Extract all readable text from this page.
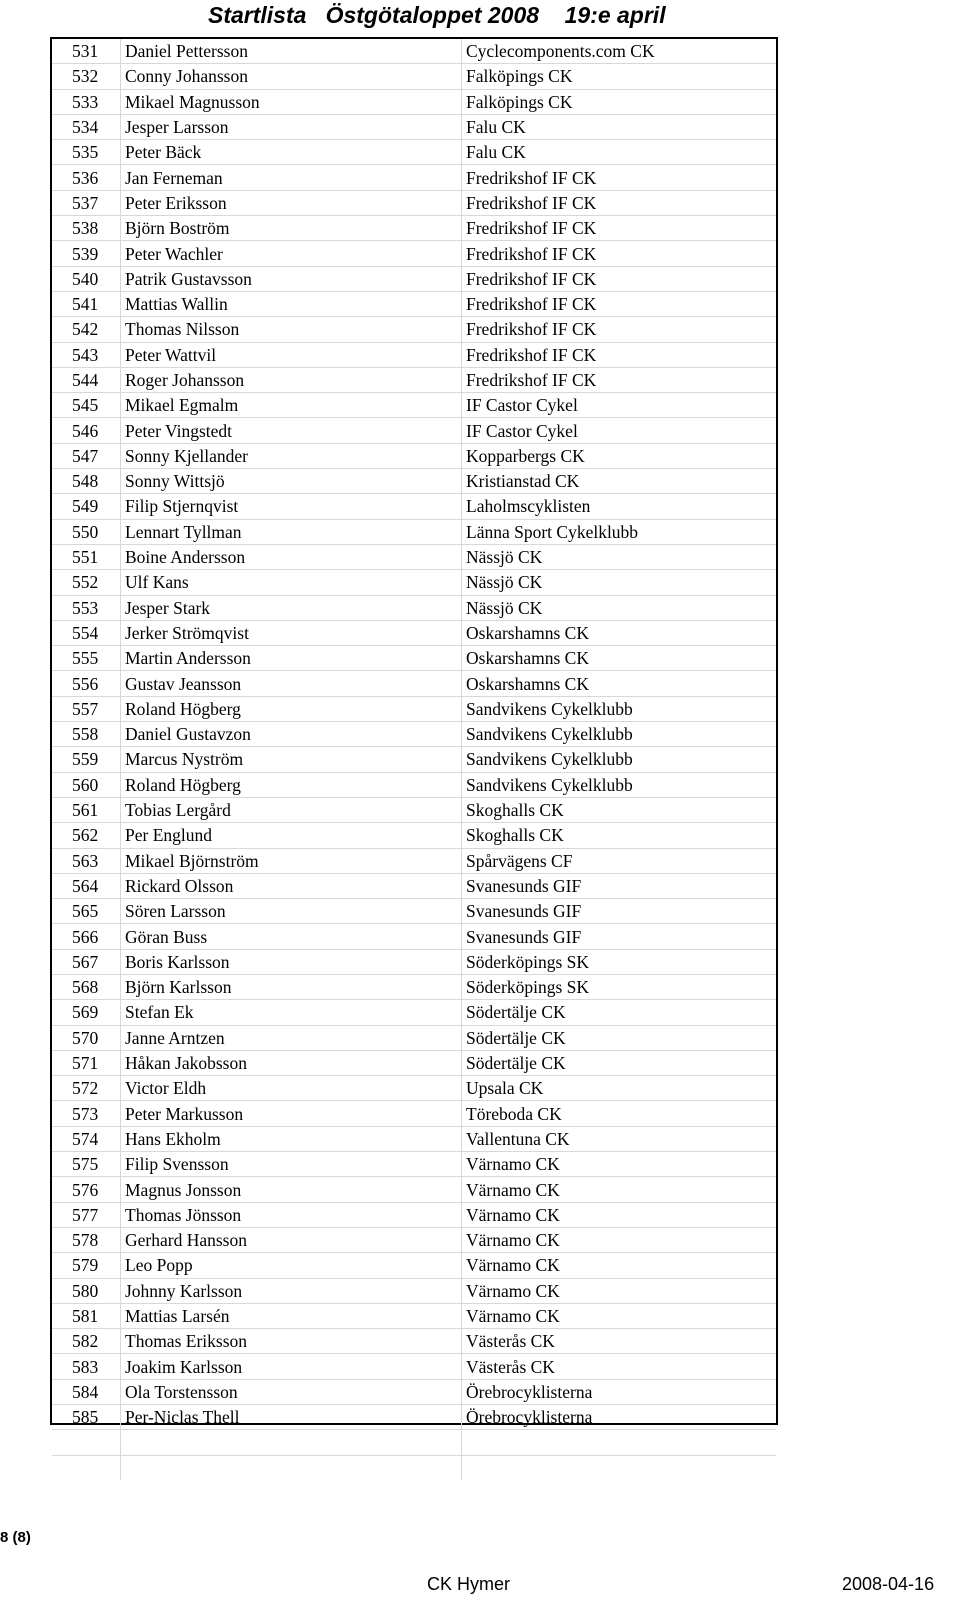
Startlista   Östgötaloppet 2008    19:e april
531	Daniel Pettersson	Cyclecomponents.com CK
532	Conny Johansson	Falköpings CK
533	Mikael Magnusson	Falköpings CK
534	Jesper Larsson	Falu CK
535	Peter Bäck	Falu CK
536	Jan Ferneman	Fredrikshof IF CK
537	Peter Eriksson	Fredrikshof IF CK
538	Björn Boström	Fredrikshof IF CK
539	Peter Wachler	Fredrikshof IF CK
540	Patrik Gustavsson	Fredrikshof IF CK
541	Mattias Wallin	Fredrikshof IF CK
542	Thomas Nilsson	Fredrikshof IF CK
543	Peter Wattvil	Fredrikshof IF CK
544	Roger Johansson	Fredrikshof IF CK
545	Mikael Egmalm	IF Castor Cykel
546	Peter Vingstedt	IF Castor Cykel
547	Sonny Kjellander	Kopparbergs CK
548	Sonny Wittsjö	Kristianstad CK
549	Filip Stjernqvist	Laholmscyklisten
550	Lennart Tyllman	Länna Sport Cykelklubb
551	Boine Andersson	Nässjö CK
552	Ulf Kans	Nässjö CK
553	Jesper Stark	Nässjö CK
554	Jerker Strömqvist	Oskarshamns CK
555	Martin Andersson	Oskarshamns CK
556	Gustav Jeansson	Oskarshamns CK
557	Roland Högberg	Sandvikens Cykelklubb
558	Daniel Gustavzon	Sandvikens Cykelklubb
559	Marcus Nyström	Sandvikens Cykelklubb
560	Roland Högberg	Sandvikens Cykelklubb
561	Tobias Lergård	Skoghalls CK
562	Per Englund	Skoghalls CK
563	Mikael Björnström	Spårvägens CF
564	Rickard Olsson	Svanesunds GIF
565	Sören Larsson	Svanesunds GIF
566	Göran Buss	Svanesunds GIF
567	Boris Karlsson	Söderköpings SK
568	Björn Karlsson	Söderköpings SK
569	Stefan Ek	Södertälje CK
570	Janne Arntzen	Södertälje CK
571	Håkan Jakobsson	Södertälje CK
572	Victor Eldh	Upsala CK
573	Peter Markusson	Töreboda CK
574	Hans Ekholm	Vallentuna CK
575	Filip Svensson	Värnamo CK
576	Magnus Jonsson	Värnamo CK
577	Thomas Jönsson	Värnamo CK
578	Gerhard Hansson	Värnamo CK
579	Leo Popp	Värnamo CK
580	Johnny Karlsson	Värnamo CK
581	Mattias Larsén	Värnamo CK
582	Thomas Eriksson	Västerås CK
583	Joakim Karlsson	Västerås CK
584	Ola Torstensson	Örebrocyklisterna
585	Per-Niclas Thell	Örebrocyklisterna

8 (8)
CK Hymer	2008-04-16
